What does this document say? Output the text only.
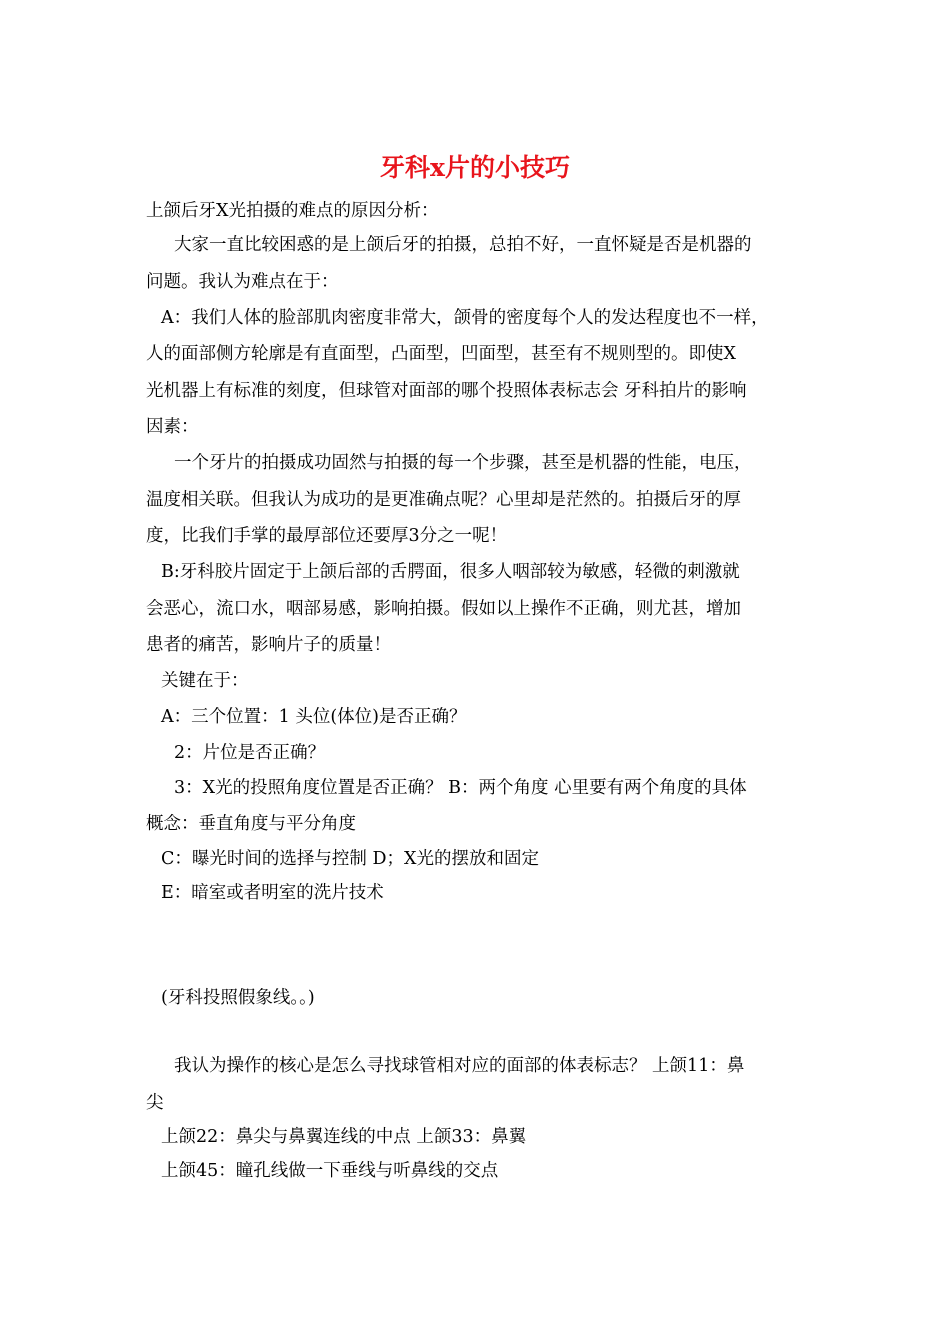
牙科x片的小技巧
上颌后牙X光拍摄的难点的原因分析：
大家一直比较困惑的是上颌后牙的拍摄，总拍不好，一直怀疑是否是机器的
问题。我认为难点在于：
A：我们人体的脸部肌肉密度非常大，颌骨的密度每个人的发达程度也不一样，
人的面部侧方轮廓是有直面型，凸面型，凹面型，甚至有不规则型的。即使X
光机器上有标准的刻度，但球管对面部的哪个投照体表标志会 牙科拍片的影响
因素：
一个牙片的拍摄成功固然与拍摄的每一个步骤，甚至是机器的性能，电压，
温度相关联。但我认为成功的是更准确点呢？心里却是茫然的。拍摄后牙的厚
度，比我们手掌的最厚部位还要厚3分之一呢！
B:牙科胶片固定于上颌后部的舌腭面，很多人咽部较为敏感，轻微的刺激就
会恶心，流口水，咽部易感，影响拍摄。假如以上操作不正确，则尤甚，增加
患者的痛苦，影响片子的质量！
关键在于：
A：三个位置：1 头位(体位)是否正确？
2：片位是否正确？
3：X光的投照角度位置是否正确？ B：两个角度 心里要有两个角度的具体
概念：垂直角度与平分角度
C：曝光时间的选择与控制 D；X光的摆放和固定
E：暗室或者明室的洗片技术
(牙科投照假象线。。)
我认为操作的核心是怎么寻找球管相对应的面部的体表标志？ 上颌11：鼻
尖
上颌22：鼻尖与鼻翼连线的中点 上颌33：鼻翼
上颌45：瞳孔线做一下垂线与听鼻线的交点
